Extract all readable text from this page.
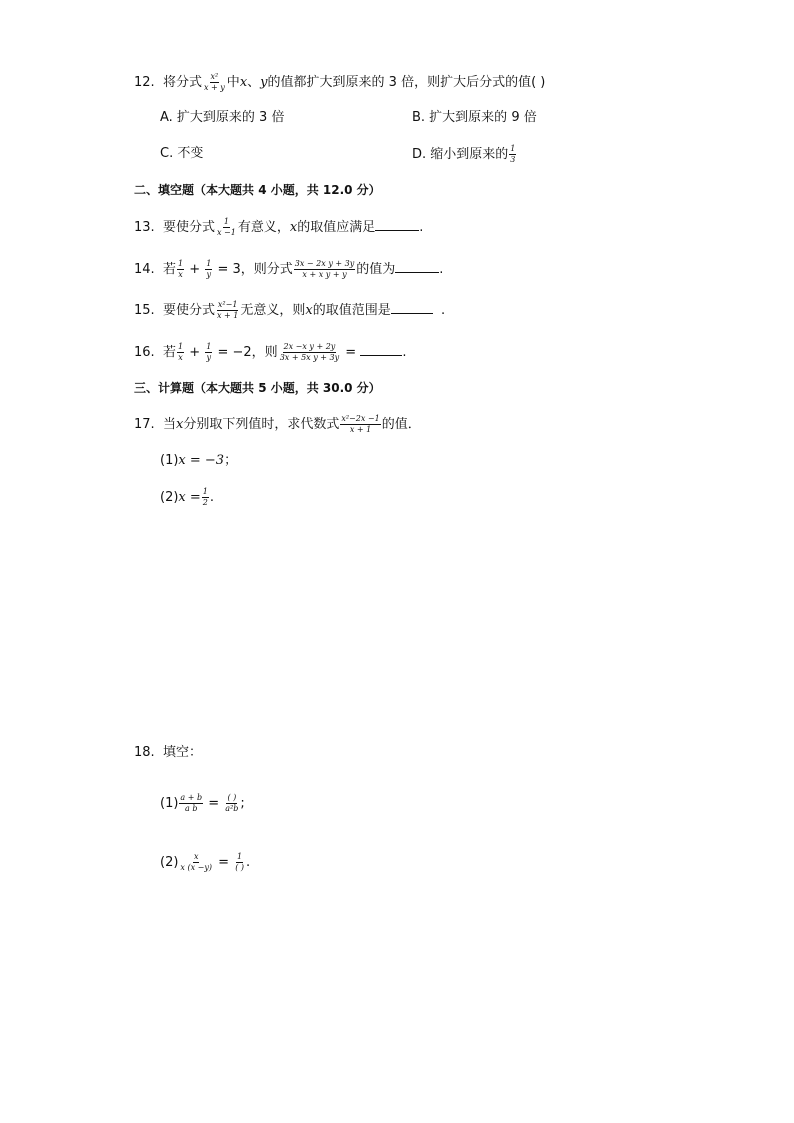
12. 将分式 $\frac{\text{x²}}{x + y}$ 中x、y的值都扩大到原来的 3 倍，则扩大后分式的值( )
A. 扩大到原来的 3 倍	B. 扩大到原来的 9 倍
C. 不变	D. 缩小到原来的 $\frac{1}{3}$
二、填空题（本大题共 4 小题，共 12.0 分）
13. 要使分式 $\frac{1}{x -1}$ 有意义，x的取值应满足	.
14. 若 $\frac{1}{x} + \frac{1}{y} = 3$，则分式 $\frac{\text{3x − 2x y + 3y}}{\text{x + x y + y}}$ 的值为	.
15. 要使分式 $\frac{\text{x²−1}}{x + 1}$ 无意义，则x的取值范围是	.
16. 若 $\frac{1}{x} + \frac{1}{y} = -2$，则 $\frac{\text{2x −x y + 2y}}{\text{3x + 5x y + 3y}}$ =	.
三、计算题（本大题共 5 小题，共 30.0 分）
17. 当x分别取下列值时，求代数式 $\frac{\text{x²−2x −1}}{x + 1}$ 的值．
(1)x = −3；
$(2)x = \frac{1}{2}$ .
18. 填空：
$(1) \frac{a + b}{\text{a b}} = \frac{( )}{\text{a²b}}$ ;
$(2) \frac{x}{x (x -y)} = \frac{1}{( )}$ .
